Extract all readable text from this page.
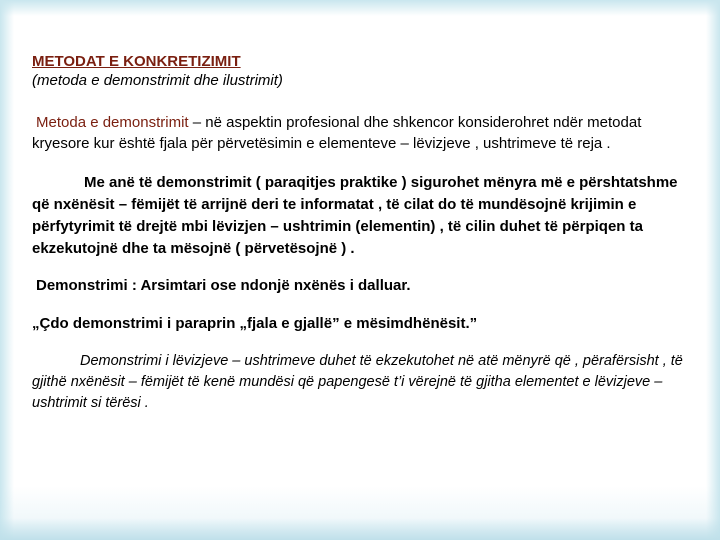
METODAT E KONKRETIZIMIT

(metoda e demonstrimit dhe ilustrimit)

Metoda e demonstrimit – në aspektin profesional dhe shkencor konsiderohret ndër metodat kryesore kur është fjala për përvetësimin e elementeve – lëvizjeve , ushtrimeve të reja .
Me anë të demonstrimit ( paraqitjes praktike ) sigurohet mënyra më e përshtatshme që nxënësit – fëmijët të arrijnë deri te informatat , të cilat do të mundësojnë krijimin e përfytyrimit të drejtë mbi lëvizjen – ushtrimin (elementin) , të cilin duhet të përpiqen ta ekzekutojnë dhe ta mësojnë ( përvetësojnë ) .
Demonstrimi : Arsimtari ose ndonjë nxënës i dalluar.
„Çdo demonstrimi i paraprin „fjala e gjallë” e mësimdhënësit.”
Demonstrimi i lëvizjeve – ushtrimeve duhet të ekzekutohet në atë mënyrë që , përafërsisht , të gjithë nxënësit – fëmijët të kenë mundësi që papengesë t’i vërejnë të gjitha elementet e lëvizjeve – ushtrimit si tërësi .
